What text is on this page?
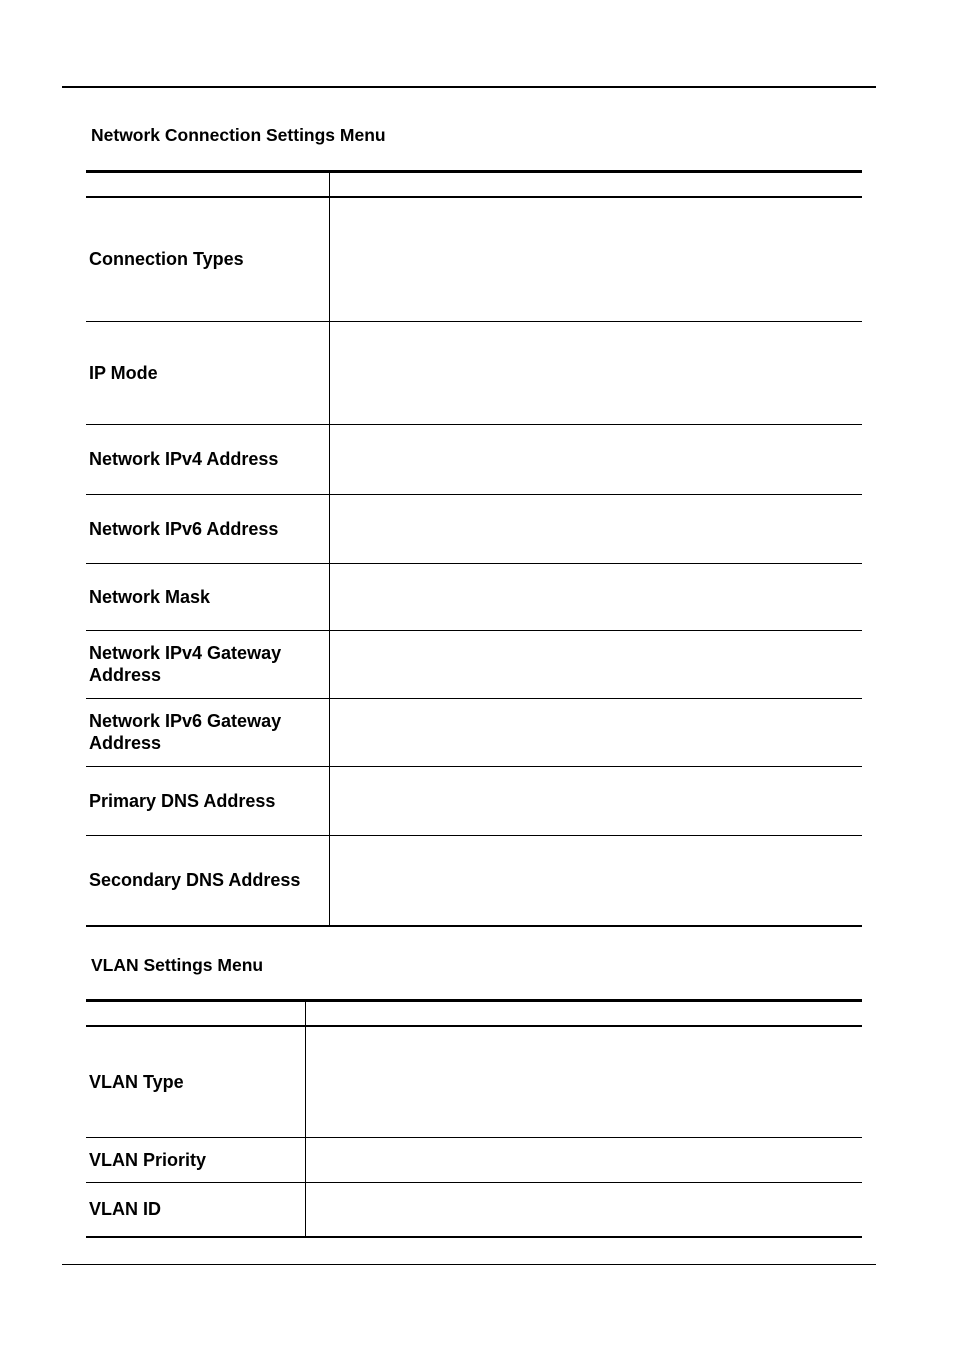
Network Connection Settings Menu

Connection Types	
IP Mode	
Network IPv4 Address	
Network IPv6 Address	
Network Mask	
Network IPv4 Gateway Address	
Network IPv6 Gateway Address	
Primary DNS Address	
Secondary DNS Address	
VLAN Settings Menu

VLAN Type	
VLAN Priority	
VLAN ID	
